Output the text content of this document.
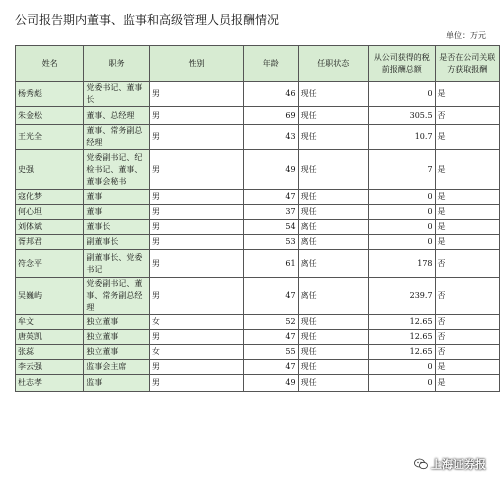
公司报告期内董事、监事和高级管理人员报酬情况
单位：万元
姓名	职务	性别	年龄	任职状态	从公司获得的税前报酬总额	是否在公司关联方获取报酬
杨秀彪	党委书记、董事长	男	46	现任	0	是
朱金松	董事、总经理	男	69	现任	305.5	否
王光全	董事、常务副总经理	男	43	现任	10.7	是
史强	党委副书记、纪检书记、董事、董事会秘书	男	49	现任	7	是
寇化梦	董事	男	47	现任	0	是
何心坦	董事	男	37	现任	0	是
刘体斌	董事长	男	54	离任	0	是
胥邦君	副董事长	男	53	离任	0	是
符念平	副董事长、党委书记	男	61	离任	178	否
吴巍屿	党委副书记、董事、常务副总经理	男	47	离任	239.7	否
牟文	独立董事	女	52	现任	12.65	否
唐英凯	独立董事	男	47	现任	12.65	否
张蕊	独立董事	女	55	现任	12.65	否
李云强	监事会主席	男	47	现任	0	是
杜志孝	监事	男	49	现任	0	是
上海证券报
